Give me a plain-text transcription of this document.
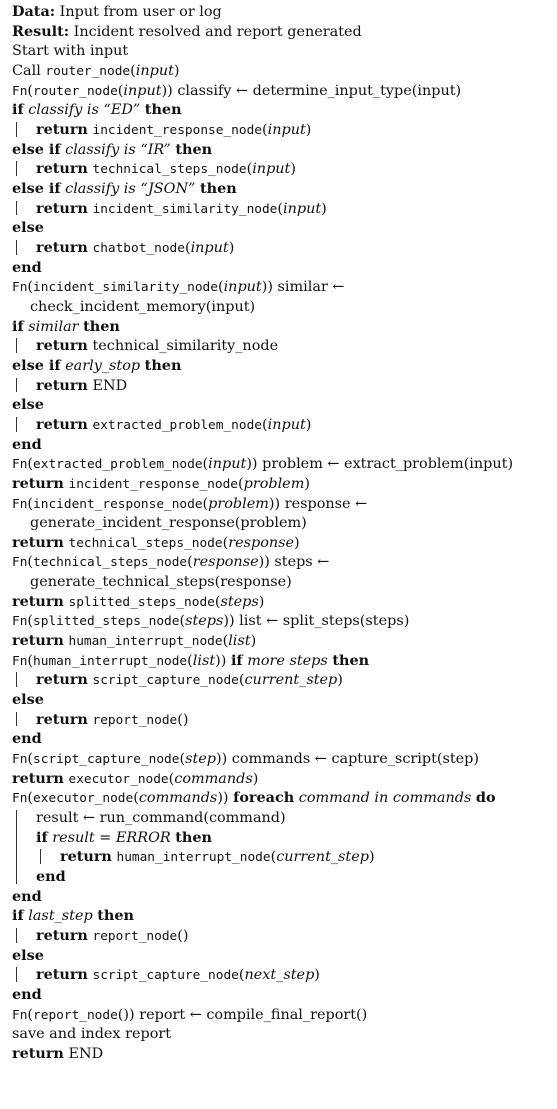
Data: Input from user or log
Result: Incident resolved and report generated
Start with input
Call router_node(input)
Fn(router_node(input)) classify ← determine_input_type(input)
if classify is “ED” then
return incident_response_node(input)
else if classify is “IR” then
return technical_steps_node(input)
else if classify is “JSON” then
return incident_similarity_node(input)
else
return chatbot_node(input)
end
Fn(incident_similarity_node(input)) similar ←
check_incident_memory(input)
if similar then
return technical_similarity_node
else if early_stop then
return END
else
return extracted_problem_node(input)
end
Fn(extracted_problem_node(input)) problem ← extract_problem(input)
return incident_response_node(problem)
Fn(incident_response_node(problem)) response ←
generate_incident_response(problem)
return technical_steps_node(response)
Fn(technical_steps_node(response)) steps ←
generate_technical_steps(response)
return splitted_steps_node(steps)
Fn(splitted_steps_node(steps)) list ← split_steps(steps)
return human_interrupt_node(list)
Fn(human_interrupt_node(list)) if more steps then
return script_capture_node(current_step)
else
return report_node()
end
Fn(script_capture_node(step)) commands ← capture_script(step)
return executor_node(commands)
Fn(executor_node(commands)) foreach command in commands do
result ← run_command(command)
if result = ERROR then
return human_interrupt_node(current_step)
end
end
if last_step then
return report_node()
else
return script_capture_node(next_step)
end
Fn(report_node()) report ← compile_final_report()
save and index report
return END
